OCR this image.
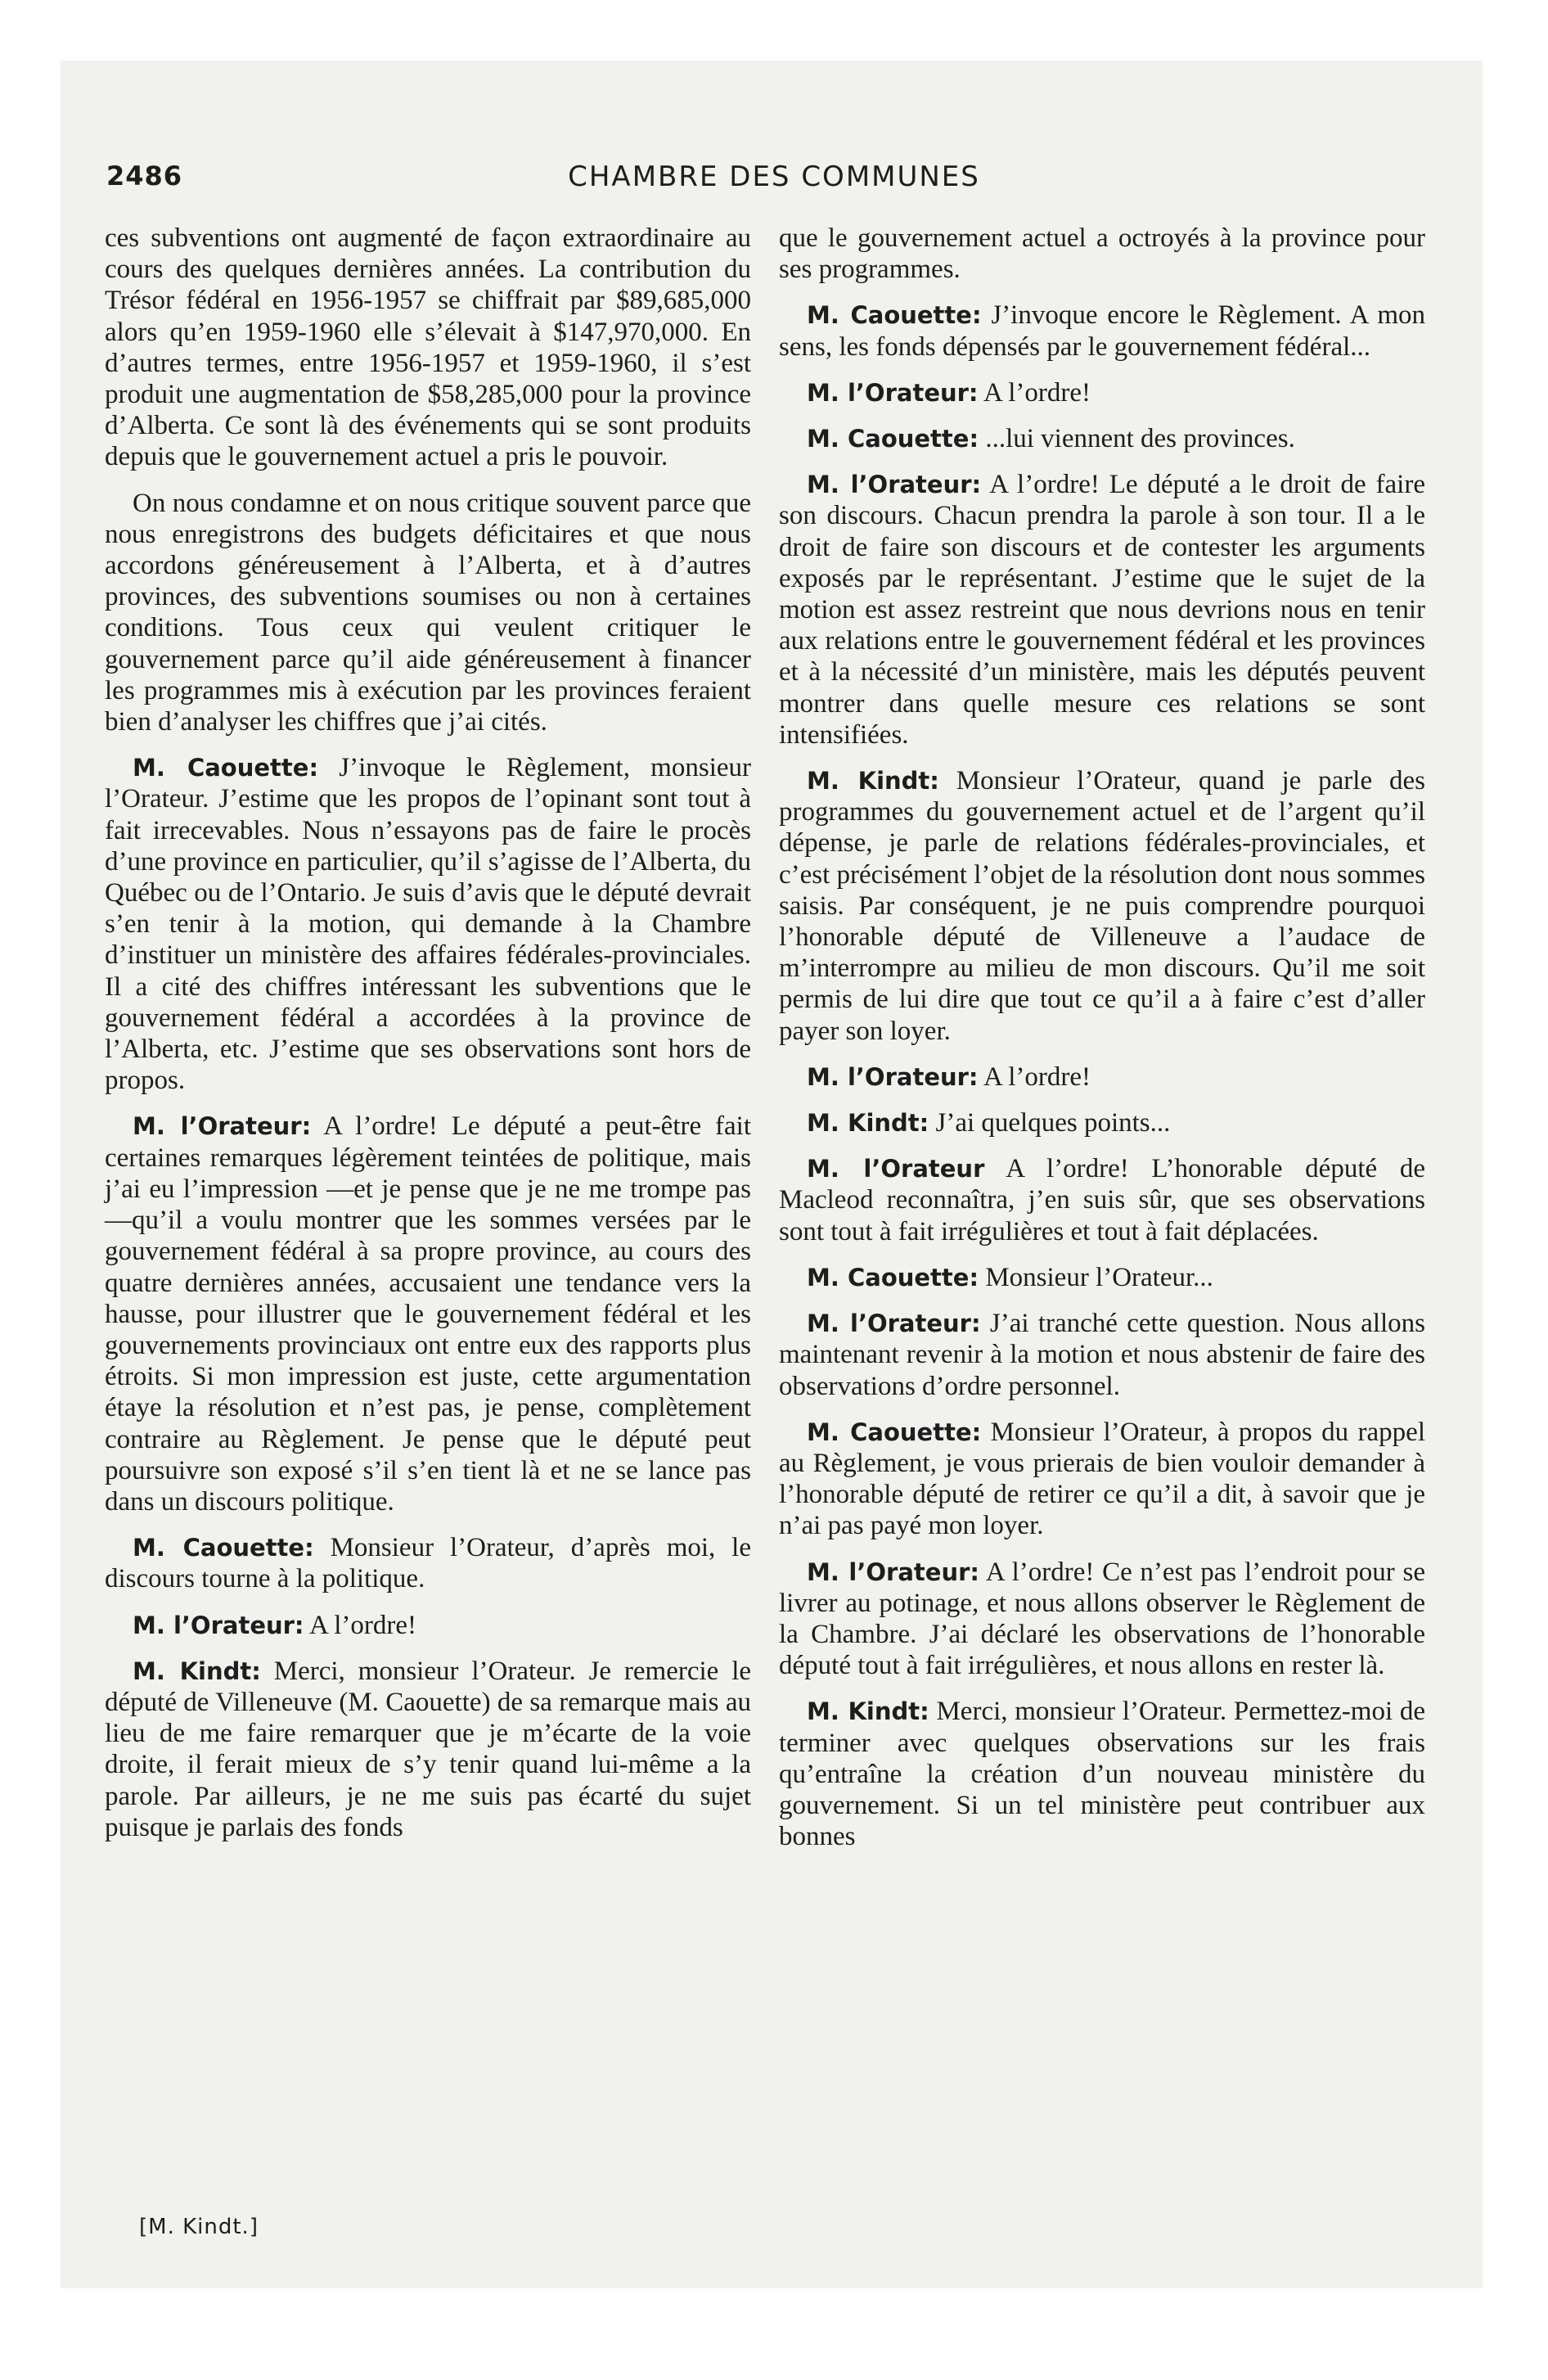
2486	CHAMBRE DES COMMUNES

ces subventions ont augmenté de façon extraordinaire au cours des quelques dernières années. La contribution du Trésor fédéral en 1956-1957 se chiffrait par $89,685,000 alors qu’en 1959-1960 elle s’élevait à $147,970,000. En d’autres termes, entre 1956-1957 et 1959-1960, il s’est produit une augmentation de $58,285,000 pour la province d’Alberta. Ce sont là des événements qui se sont produits depuis que le gouvernement actuel a pris le pouvoir.

On nous condamne et on nous critique souvent parce que nous enregistrons des budgets déficitaires et que nous accordons généreusement à l’Alberta, et à d’autres provinces, des subventions soumises ou non à certaines conditions. Tous ceux qui veulent critiquer le gouvernement parce qu’il aide généreusement à financer les programmes mis à exécution par les provinces feraient bien d’analyser les chiffres que j’ai cités.

M. Caouette: J’invoque le Règlement, monsieur l’Orateur. J’estime que les propos de l’opinant sont tout à fait irrecevables. Nous n’essayons pas de faire le procès d’une province en particulier, qu’il s’agisse de l’Alberta, du Québec ou de l’Ontario. Je suis d’avis que le député devrait s’en tenir à la motion, qui demande à la Chambre d’instituer un ministère des affaires fédérales-provinciales. Il a cité des chiffres intéressant les subventions que le gouvernement fédéral a accordées à la province de l’Alberta, etc. J’estime que ses observations sont hors de propos.

M. l’Orateur: A l’ordre! Le député a peut-être fait certaines remarques légèrement teintées de politique, mais j’ai eu l’impression —et je pense que je ne me trompe pas—qu’il a voulu montrer que les sommes versées par le gouvernement fédéral à sa propre province, au cours des quatre dernières années, accusaient une tendance vers la hausse, pour illustrer que le gouvernement fédéral et les gouvernements provinciaux ont entre eux des rapports plus étroits. Si mon impression est juste, cette argumentation étaye la résolution et n’est pas, je pense, complètement contraire au Règlement. Je pense que le député peut poursuivre son exposé s’il s’en tient là et ne se lance pas dans un discours politique.

M. Caouette: Monsieur l’Orateur, d’après moi, le discours tourne à la politique.

M. l’Orateur: A l’ordre!

M. Kindt: Merci, monsieur l’Orateur. Je remercie le député de Villeneuve (M. Caouette) de sa remarque mais au lieu de me faire remarquer que je m’écarte de la voie droite, il ferait mieux de s’y tenir quand lui-même a la parole. Par ailleurs, je ne me suis pas écarté du sujet puisque je parlais des fonds

que le gouvernement actuel a octroyés à la province pour ses programmes.

M. Caouette: J’invoque encore le Règlement. A mon sens, les fonds dépensés par le gouvernement fédéral...

M. l’Orateur: A l’ordre!

M. Caouette: ...lui viennent des provinces.

M. l’Orateur: A l’ordre! Le député a le droit de faire son discours. Chacun prendra la parole à son tour. Il a le droit de faire son discours et de contester les arguments exposés par le représentant. J’estime que le sujet de la motion est assez restreint que nous devrions nous en tenir aux relations entre le gouvernement fédéral et les provinces et à la nécessité d’un ministère, mais les députés peuvent montrer dans quelle mesure ces relations se sont intensifiées.

M. Kindt: Monsieur l’Orateur, quand je parle des programmes du gouvernement actuel et de l’argent qu’il dépense, je parle de relations fédérales-provinciales, et c’est précisément l’objet de la résolution dont nous sommes saisis. Par conséquent, je ne puis comprendre pourquoi l’honorable député de Villeneuve a l’audace de m’interrompre au milieu de mon discours. Qu’il me soit permis de lui dire que tout ce qu’il a à faire c’est d’aller payer son loyer.

M. l’Orateur: A l’ordre!

M. Kindt: J’ai quelques points...

M. l’Orateur A l’ordre! L’honorable député de Macleod reconnaîtra, j’en suis sûr, que ses observations sont tout à fait irrégulières et tout à fait déplacées.

M. Caouette: Monsieur l’Orateur...

M. l’Orateur: J’ai tranché cette question. Nous allons maintenant revenir à la motion et nous abstenir de faire des observations d’ordre personnel.

M. Caouette: Monsieur l’Orateur, à propos du rappel au Règlement, je vous prierais de bien vouloir demander à l’honorable député de retirer ce qu’il a dit, à savoir que je n’ai pas payé mon loyer.

M. l’Orateur: A l’ordre! Ce n’est pas l’endroit pour se livrer au potinage, et nous allons observer le Règlement de la Chambre. J’ai déclaré les observations de l’honorable député tout à fait irrégulières, et nous allons en rester là.

M. Kindt: Merci, monsieur l’Orateur. Permettez-moi de terminer avec quelques observations sur les frais qu’entraîne la création d’un nouveau ministère du gouvernement. Si un tel ministère peut contribuer aux bonnes

[M. Kindt.]
